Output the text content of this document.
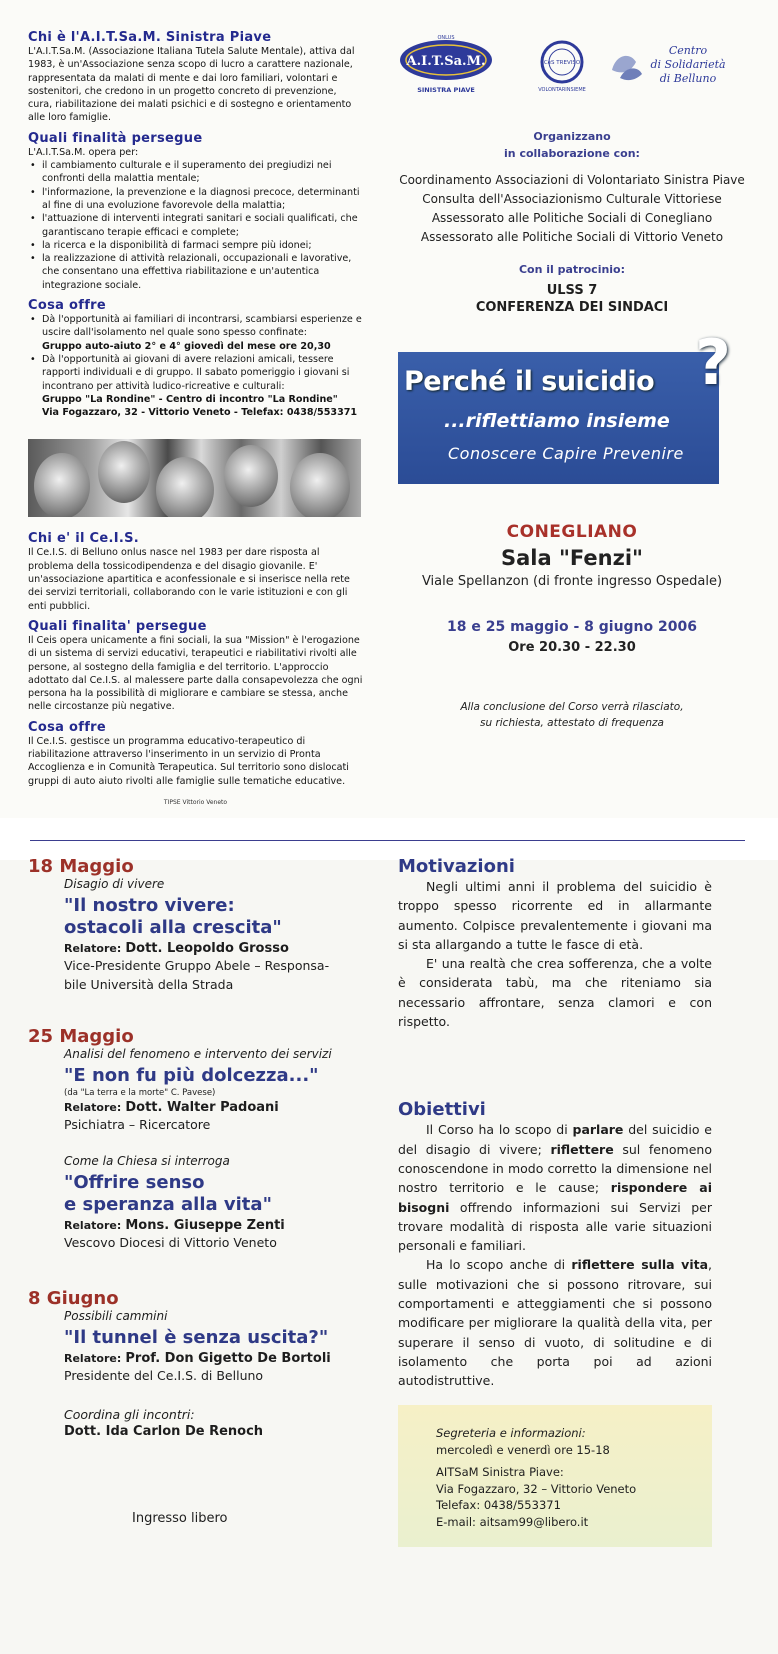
Chi è l'A.I.T.Sa.M. Sinistra Piave
L'A.I.T.Sa.M. (Associazione Italiana Tutela Salute Mentale), attiva dal 1983, è un'Associazione senza scopo di lucro a carattere nazionale, rappresentata da malati di mente e dai loro familiari, volontari e sostenitori, che credono in un progetto concreto di prevenzione, cura, riabilitazione dei malati psichici e di sostegno e orientamento alle loro famiglie.
Quali finalità persegue
L'A.I.T.Sa.M. opera per:
• il cambiamento culturale e il superamento dei pregiudizi nei confronti della malattia mentale;
• l'informazione, la prevenzione e la diagnosi precoce, determinanti al fine di una evoluzione favorevole della malattia;
• l'attuazione di interventi integrati sanitari e sociali qualificati, che garantiscano terapie efficaci e complete;
• la ricerca e la disponibilità di farmaci sempre più idonei;
• la realizzazione di attività relazionali, occupazionali e lavorative, che consentano una effettiva riabilitazione e un'autentica integrazione sociale.
Cosa offre
• Dà l'opportunità ai familiari di incontrarsi, scambiarsi esperienze e uscire dall'isolamento nel quale sono spesso confinate:
Gruppo auto-aiuto 2° e 4° giovedì del mese ore 20,30
• Dà l'opportunità ai giovani di avere relazioni amicali, tessere rapporti individuali e di gruppo. Il sabato pomeriggio i giovani si incontrano per attività ludico-ricreative e culturali:
Gruppo "La Rondine" - Centro di incontro "La Rondine"
Via Fogazzaro, 32 - Vittorio Veneto - Telefax: 0438/553371
Chi e' il Ce.I.S.
Il Ce.I.S. di Belluno onlus nasce nel 1983 per dare risposta al problema della tossicodipendenza e del disagio giovanile. E' un'associazione apartitica e aconfessionale e si inserisce nella rete dei servizi territoriali, collaborando con le varie istituzioni e con gli enti pubblici.
Quali finalita' persegue
Il Ceis opera unicamente a fini sociali, la sua "Mission" è l'erogazione di un sistema di servizi educativi, terapeutici e riabilitativi rivolti alle persone, al sostegno della famiglia e del territorio. L'approccio adottato dal Ce.I.S. al malessere parte dalla consapevolezza che ogni persona ha la possibilità di migliorare e cambiare se stessa, anche nelle circostanze più negative.
Cosa offre
Il Ce.I.S. gestisce un programma educativo-terapeutico di riabilitazione attraverso l'inserimento in un servizio di Pronta Accoglienza e in Comunità Terapeutica. Sul territorio sono dislocati gruppi di auto aiuto rivolti alle famiglie sulle tematiche educative.
TIPSE Vittorio Veneto
ONLUS
A.I.T.Sa.M.
SINISTRA PIAVE
CeS TREVISO
VOLONTARINSIEME
Centro
di Solidarietà
di Belluno
Organizzano
in collaborazione con:
Coordinamento Associazioni di Volontariato Sinistra Piave
Consulta dell'Associazionismo Culturale Vittoriese
Assessorato alle Politiche Sociali di Conegliano
Assessorato alle Politiche Sociali di Vittorio Veneto
Con il patrocinio:
ULSS 7
CONFERENZA DEI SINDACI
Perché il suicidio ?
...riflettiamo insieme
Conoscere Capire Prevenire
CONEGLIANO
Sala "Fenzi"
Viale Spellanzon (di fronte ingresso Ospedale)
18 e 25 maggio - 8 giugno 2006
Ore 20.30 - 22.30
Alla conclusione del Corso verrà rilasciato,
su richiesta, attestato di frequenza
18 Maggio
Disagio di vivere
"Il nostro vivere:
ostacoli alla crescita"
Relatore: Dott. Leopoldo Grosso
Vice-Presidente Gruppo Abele – Responsa-
bile Università della Strada
25 Maggio
Analisi del fenomeno e intervento dei servizi
"E non fu più dolcezza..."
(da "La terra e la morte" C. Pavese)
Relatore: Dott. Walter Padoani
Psichiatra – Ricercatore
Come la Chiesa si interroga
"Offrire senso
e speranza alla vita"
Relatore: Mons. Giuseppe Zenti
Vescovo Diocesi di Vittorio Veneto
8 Giugno
Possibili cammini
"Il tunnel è senza uscita?"
Relatore: Prof. Don Gigetto De Bortoli
Presidente del Ce.I.S. di Belluno
Coordina gli incontri:
Dott. Ida Carlon De Renoch
Ingresso libero
Motivazioni
Negli ultimi anni il problema del suicidio è troppo spesso ricorrente ed in allarmante aumento. Colpisce prevalentemente i giovani ma si sta allargando a tutte le fasce di età.
E' una realtà che crea sofferenza, che a volte è considerata tabù, ma che riteniamo sia necessario affrontare, senza clamori e con rispetto.
Obiettivi
Il Corso ha lo scopo di parlare del suicidio e del disagio di vivere; riflettere sul fenomeno conoscendone in modo corretto la dimensione nel nostro territorio e le cause; rispondere ai bisogni offrendo informazioni sui Servizi per trovare modalità di risposta alle varie situazioni personali e familiari.
Ha lo scopo anche di riflettere sulla vita, sulle motivazioni che si possono ritrovare, sui comportamenti e atteggiamenti che si possono modificare per migliorare la qualità della vita, per superare il senso di vuoto, di solitudine e di isolamento che porta poi ad azioni autodistruttive.
Segreteria e informazioni:
mercoledì e venerdì ore 15-18
AITSaM Sinistra Piave:
Via Fogazzaro, 32 – Vittorio Veneto
Telefax: 0438/553371
E-mail: aitsam99@libero.it
